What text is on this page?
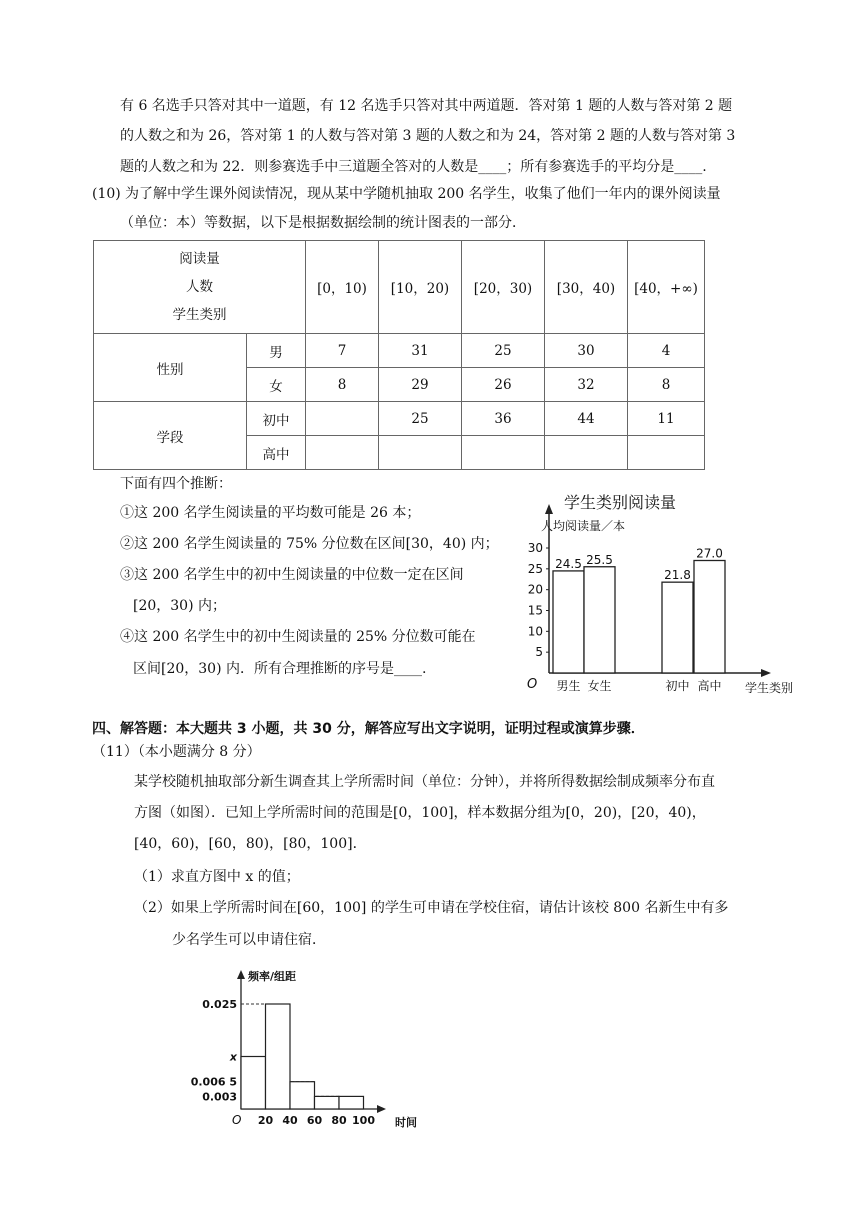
有 6 名选手只答对其中一道题，有 12 名选手只答对其中两道题．答对第 1 题的人数与答对第 2 题
的人数之和为 26，答对第 1 的人数与答对第 3 题的人数之和为 24，答对第 2 题的人数与答对第 3
题的人数之和为 22．则参赛选手中三道题全答对的人数是____；所有参赛选手的平均分是____.
(10) 为了解中学生课外阅读情况，现从某中学随机抽取 200 名学生，收集了他们一年内的课外阅读量
（单位：本）等数据，以下是根据数据绘制的统计图表的一部分．
阅读量
人数
学生类别		[0，10)	[10，20)	[20，30)	[30，40)	[40，+∞)
性别	男	7	31	25	30	4
	女	8	29	26	32	8
学段	初中		25	36	44	11
	高中					
下面有四个推断：
①这 200 名学生阅读量的平均数可能是 26 本；
②这 200 名学生阅读量的 75% 分位数在区间[30，40) 内；
③这 200 名学生中的初中生阅读量的中位数一定在区间
[20，30) 内；
④这 200 名学生中的初中生阅读量的 25% 分位数可能在
区间[20，30) 内．所有合理推断的序号是____.
学生类别阅读量
人均阅读量／本
O	学生类别
5
10
15
20
25
30
24.5
男生
25.5
女生
21.8
初中
27.0
高中
四、解答题：本大题共 3 小题，共 30 分，解答应写出文字说明，证明过程或演算步骤．
（11）（本小题满分 8 分）
某学校随机抽取部分新生调查其上学所需时间（单位：分钟），并将所得数据绘制成频率分布直
方图（如图）．已知上学所需时间的范围是[0，100]，样本数据分组为[0，20)，[20，40)，
[40，60)，[60，80)，[80，100]．
（1）求直方图中 x 的值；
（2）如果上学所需时间在[60，100] 的学生可申请在学校住宿，请估计该校 800 名新生中有多
少名学生可以申请住宿．
频率/组距
O	时间
0.025
x
0.006 5
0.003
20 40 60 80 100
